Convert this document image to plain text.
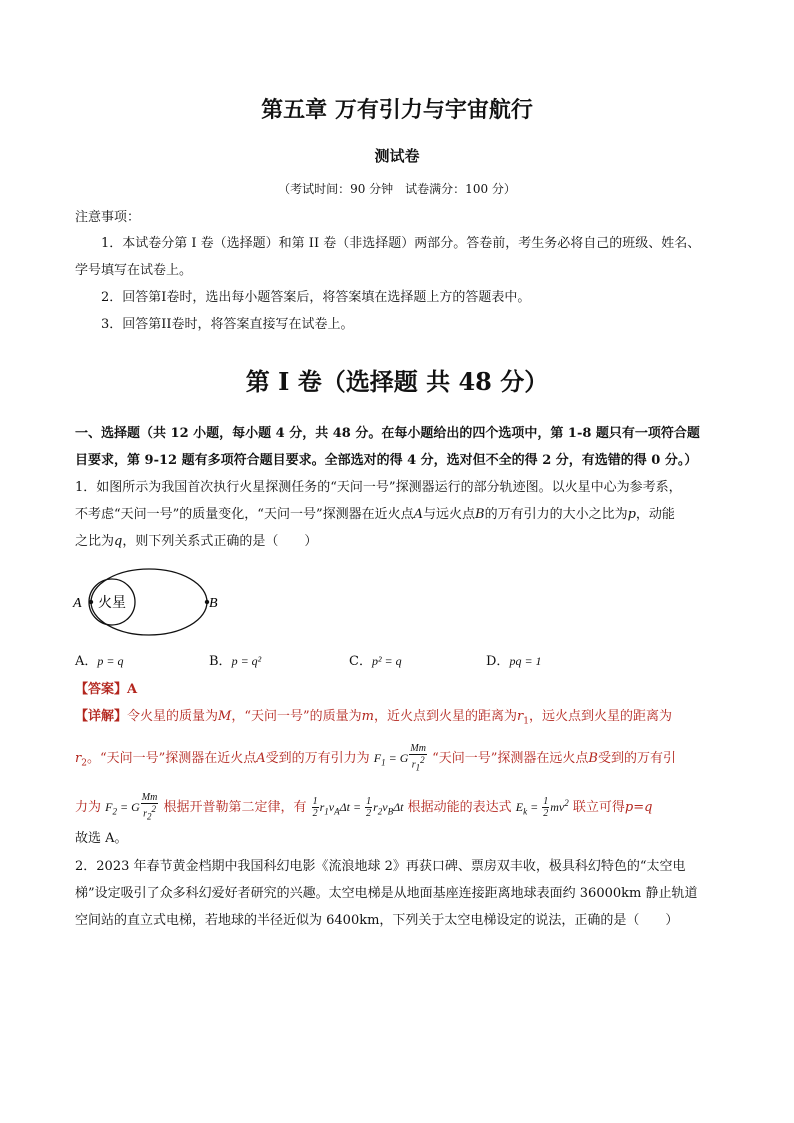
第五章 万有引力与宇宙航行
测试卷
（考试时间：90 分钟　试卷满分：100 分）
注意事项：
1．本试卷分第 I 卷（选择题）和第 II 卷（非选择题）两部分。答卷前，考生务必将自己的班级、姓名、
学号填写在试卷上。
2．回答第I卷时，选出每小题答案后，将答案填在选择题上方的答题表中。
3．回答第II卷时，将答案直接写在试卷上。
第 I 卷（选择题 共 48 分）
一、选择题（共 12 小题，每小题 4 分，共 48 分。在每小题给出的四个选项中，第 1-8 题只有一项符合题
目要求，第 9-12 题有多项符合题目要求。全部选对的得 4 分，选对但不全的得 2 分，有选错的得 0 分。）
1．如图所示为我国首次执行火星探测任务的“天问一号”探测器运行的部分轨迹图。以火星中心为参考系，
不考虑“天问一号”的质量变化，“天问一号”探测器在近火点A与远火点B的万有引力的大小之比为p，动能
之比为q，则下列关系式正确的是（　　）
火星
A	B
A．p = q	B．p = q²	C．p² = q	D．pq = 1
【答案】A
【详解】令火星的质量为M，“天问一号”的质量为m，近火点到火星的距离为$r_1$，远火点到火星的距离为
$r_2$。“天问一号”探测器在近火点A受到的万有引力为 $F_1 = G \frac{Mm}{r_1^2}$ “天问一号”探测器在远火点B受到的万有引
力为 $F_2 = G \frac{Mm}{r_2^2}$ 根据开普勒第二定律，有 $\frac{1}{2} r_1v_A\Delta t = \frac{1}{2} r_2v_B\Delta t$ 根据动能的表达式 $E_k = \frac{1}{2} mv^2$ 联立可得p=q
故选 A。
2．2023 年春节黄金档期中我国科幻电影《流浪地球 2》再获口碑、票房双丰收，极具科幻特色的“太空电
梯”设定吸引了众多科幻爱好者研究的兴趣。太空电梯是从地面基座连接距离地球表面约 36000km 静止轨道
空间站的直立式电梯，若地球的半径近似为 6400km，下列关于太空电梯设定的说法，正确的是（　　）
